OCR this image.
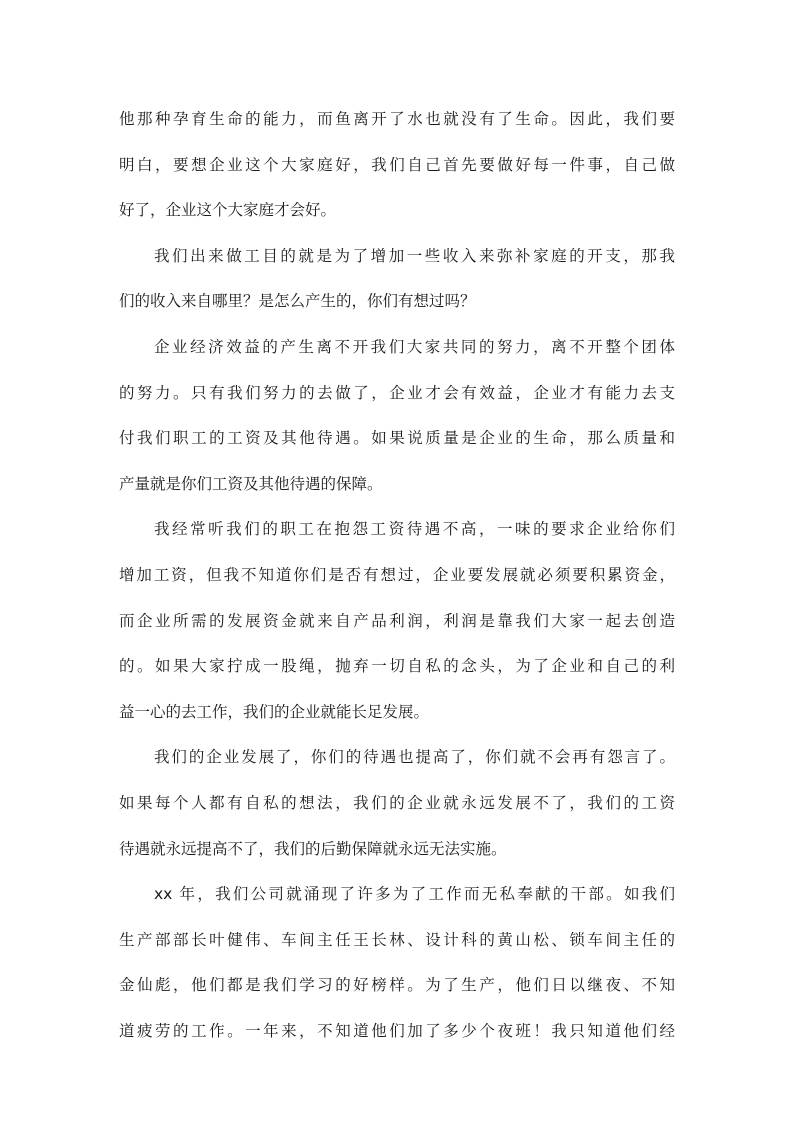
他那种孕育生命的能力，而鱼离开了水也就没有了生命。因此，我们要
明白，要想企业这个大家庭好，我们自己首先要做好每一件事，自己做
好了，企业这个大家庭才会好。
我们出来做工目的就是为了增加一些收入来弥补家庭的开支，那我
们的收入来自哪里？是怎么产生的，你们有想过吗？
企业经济效益的产生离不开我们大家共同的努力，离不开整个团体
的努力。只有我们努力的去做了，企业才会有效益，企业才有能力去支
付我们职工的工资及其他待遇。如果说质量是企业的生命，那么质量和
产量就是你们工资及其他待遇的保障。
我经常听我们的职工在抱怨工资待遇不高，一味的要求企业给你们
增加工资，但我不知道你们是否有想过，企业要发展就必须要积累资金，
而企业所需的发展资金就来自产品利润，利润是靠我们大家一起去创造
的。如果大家拧成一股绳，抛弃一切自私的念头，为了企业和自己的利
益一心的去工作，我们的企业就能长足发展。
我们的企业发展了，你们的待遇也提高了，你们就不会再有怨言了。
如果每个人都有自私的想法，我们的企业就永远发展不了，我们的工资
待遇就永远提高不了，我们的后勤保障就永远无法实施。
xx 年，我们公司就涌现了许多为了工作而无私奉献的干部。如我们
生产部部长叶健伟、车间主任王长林、设计科的黄山松、锁车间主任的
金仙彪，他们都是我们学习的好榜样。为了生产，他们日以继夜、不知
道疲劳的工作。一年来，不知道他们加了多少个夜班！我只知道他们经
